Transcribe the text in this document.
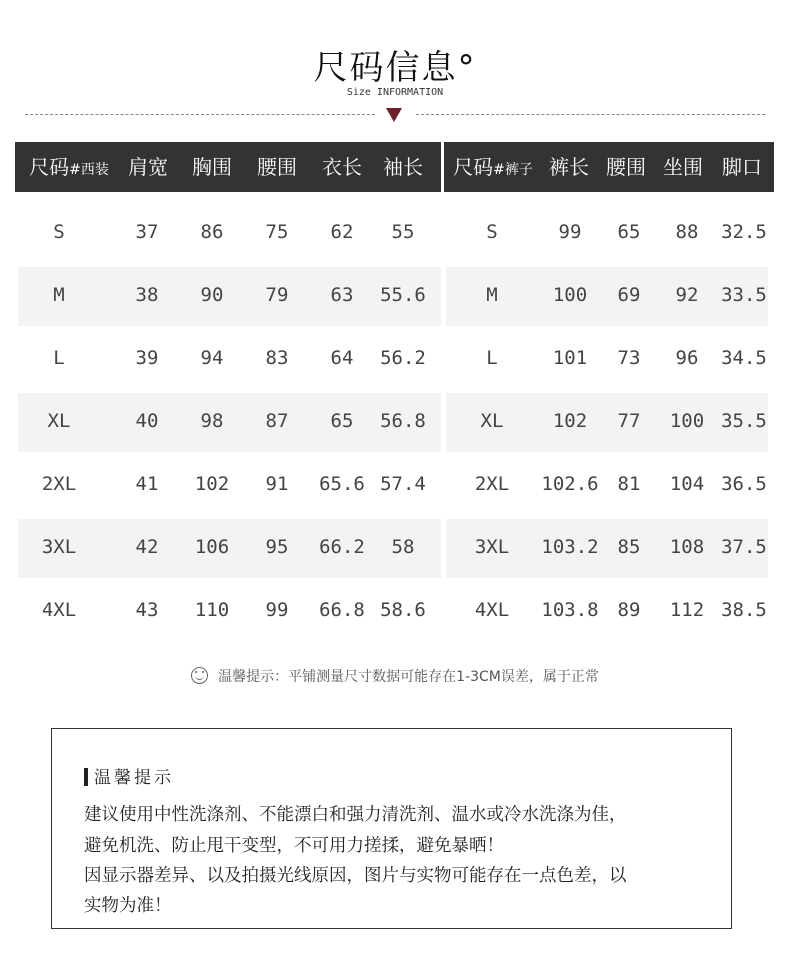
尺码信息°
Size INFORMATION
尺码#西装 肩宽	胸围	腰围	衣长	袖长	尺码#裤子 裤长 腰围 坐围 脚口
S	37	86	75	62	55
M	38	90	79	63	55.6
L	39	94	83	64	56.2
XL	40	98	87	65	56.8
2XL	41	102	91	65.6 57.4
3XL	42	106	95	66.2	58
4XL	43	110	99	66.8 58.6
S	99	65	88	32.5
M	100	69	92	33.5
L	101	73	96	34.5
XL	102	77	100 35.5
2XL	102.6 81	104 36.5
3XL	103.2 85	108 37.5
4XL	103.8 89	112 38.5
温馨提示：平铺测量尺寸数据可能存在1-3CM误差，属于正常
温馨提示
建议使用中性洗涤剂、不能漂白和强力清洗剂、温水或冷水洗涤为佳，
避免机洗、防止甩干变型，不可用力搓揉，避免暴晒！
因显示器差异、以及拍摄光线原因，图片与实物可能存在一点色差，以
实物为准！
